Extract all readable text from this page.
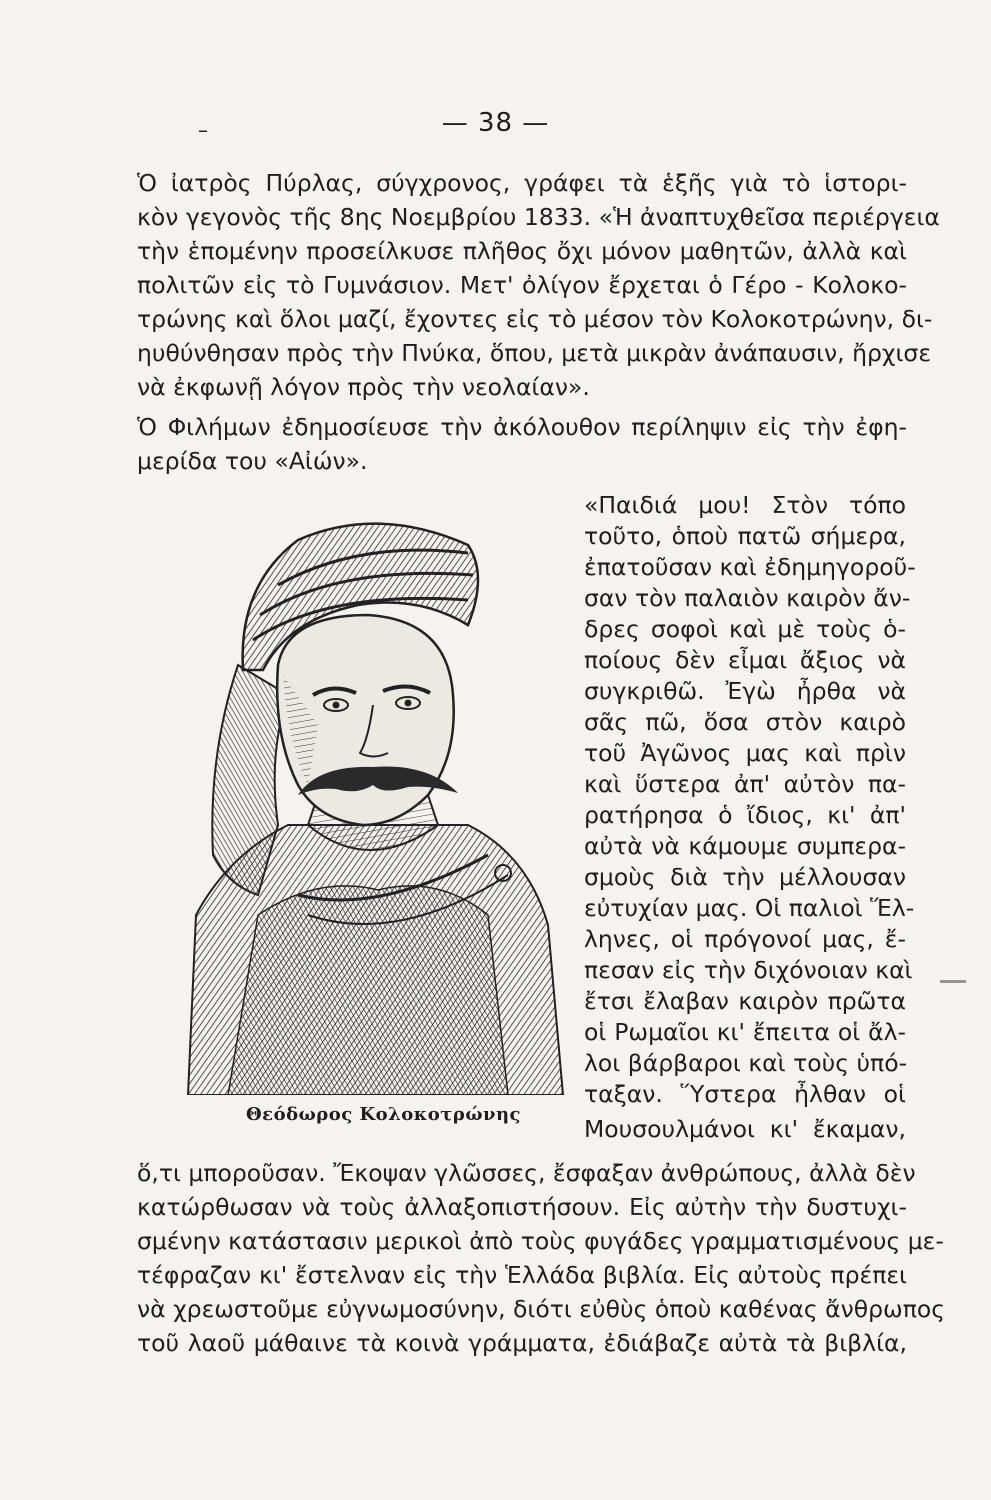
— 38 —
–
Ὁ ἰατρὸς Πύρλας, σύγχρονος, γράφει τὰ ἑξῆς γιὰ τὸ ἱστορι-
κὸν γεγονὸς τῆς 8ης Νοεμβρίου 1833. «Ἡ ἀναπτυχθεῖσα περιέργεια
τὴν ἑπομένην προσείλκυσε πλῆθος ὄχι μόνον μαθητῶν, ἀλλὰ καὶ
πολιτῶν εἰς τὸ Γυμνάσιον. Μετ' ὀλίγον ἔρχεται ὁ Γέρο - Κολοκο-
τρώνης καὶ ὅλοι μαζί, ἔχοντες εἰς τὸ μέσον τὸν Κολοκοτρώνην, δι-
ηυθύνθησαν πρὸς τὴν Πνύκα, ὅπου, μετὰ μικρὰν ἀνάπαυσιν, ἤρχισε
νὰ ἐκφωνῇ λόγον πρὸς τὴν νεολαίαν».
Ὁ Φιλήμων ἐδημοσίευσε τὴν ἀκόλουθον περίληψιν εἰς τὴν ἐφη-
μερίδα του «Αἰών».
«Παιδιά μου! Στὸν τόπο
τοῦτο, ὁποὺ πατῶ σήμερα,
ἐπατοῦσαν καὶ ἐδημηγοροῦ-
σαν τὸν παλαιὸν καιρὸν ἄν-
δρες σοφοὶ καὶ μὲ τοὺς ὁ-
ποίους δὲν εἶμαι ἄξιος νὰ
συγκριθῶ. Ἐγὼ ἦρθα νὰ
σᾶς πῶ, ὅσα στὸν καιρὸ
τοῦ Ἀγῶνος μας καὶ πρὶν
καὶ ὕστερα ἀπ' αὐτὸν πα-
ρατήρησα ὁ ἴδιος, κι' ἀπ'
αὐτὰ νὰ κάμουμε συμπερα-
σμοὺς διὰ τὴν μέλλουσαν
εὐτυχίαν μας. Οἱ παλιοὶ Ἕλ-
ληνες, οἱ πρόγονοί μας, ἔ-
πεσαν εἰς τὴν διχόνοιαν καὶ
ἔτσι ἔλαβαν καιρὸν πρῶτα
οἱ Ρωμαῖοι κι' ἔπειτα οἱ ἄλ-
λοι βάρβαροι καὶ τοὺς ὑπό-
ταξαν. Ὕστερα ἦλθαν οἱ
Μουσουλμάνοι κι' ἔκαμαν,
Θεόδωρος Κολοκοτρώνης
ὅ,τι μποροῦσαν. Ἔκοψαν γλῶσσες, ἔσφαξαν ἀνθρώπους, ἀλλὰ δὲν
κατώρθωσαν νὰ τοὺς ἀλλαξοπιστήσουν. Εἰς αὐτὴν τὴν δυστυχι-
σμένην κατάστασιν μερικοὶ ἀπὸ τοὺς φυγάδες γραμματισμένους με-
τέφραζαν κι' ἔστελναν εἰς τὴν Ἑλλάδα βιβλία. Εἰς αὐτοὺς πρέπει
νὰ χρεωστοῦμε εὐγνωμοσύνην, διότι εὐθὺς ὁποὺ καθένας ἄνθρωπος
τοῦ λαοῦ μάθαινε τὰ κοινὰ γράμματα, ἐδιάβαζε αὐτὰ τὰ βιβλία,
